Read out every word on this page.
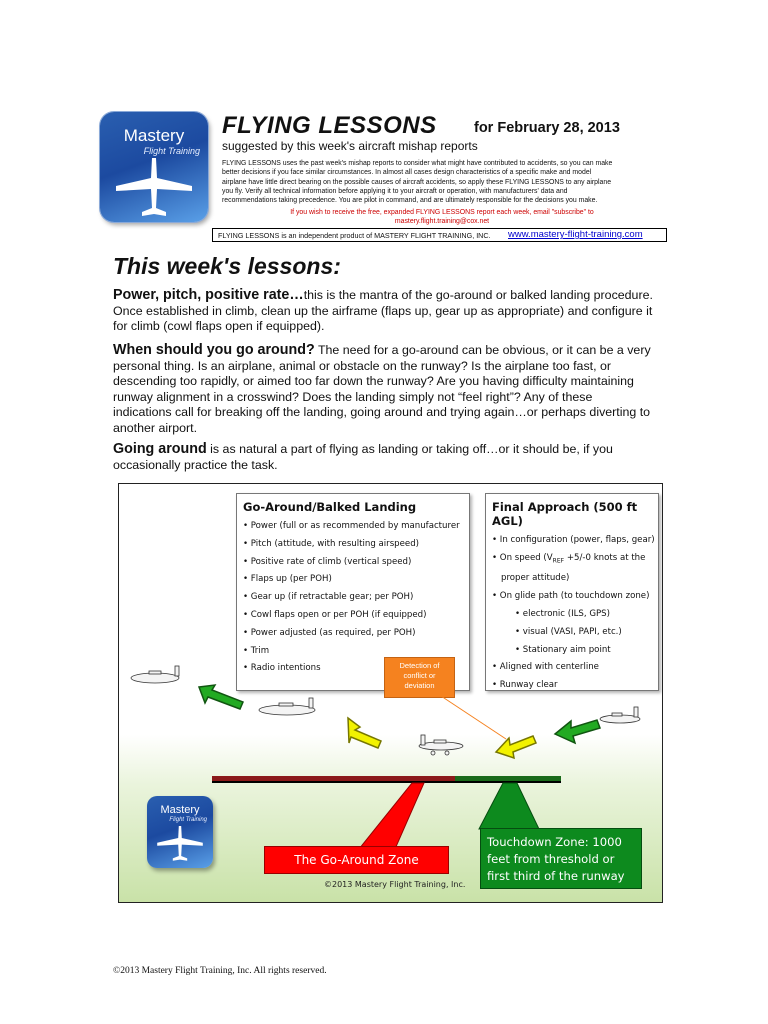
Mastery
Flight Training
FLYING LESSONS	for February 28, 2013
suggested by this week's aircraft mishap reports
FLYING LESSONS uses the past week's mishap reports to consider what might have contributed to accidents, so you can make
better decisions if you face similar circumstances. In almost all cases design characteristics of a specific make and model
airplane have little direct bearing on the possible causes of aircraft accidents, so apply these FLYING LESSONS to any airplane
you fly. Verify all technical information before applying it to your aircraft or operation, with manufacturers' data and
recommendations taking precedence. You are pilot in command, and are ultimately responsible for the decisions you make.
If you wish to receive the free, expanded FLYING LESSONS report each week, email "subscribe" to
mastery.flight.training@cox.net
FLYING LESSONS is an independent product of MASTERY FLIGHT TRAINING, INC. www.mastery-flight-training.com
This week's lessons:
Power, pitch, positive rate…this is the mantra of the go-around or balked landing procedure. Once established in climb, clean up the airframe (flaps up, gear up as appropriate) and configure it for climb (cowl flaps open if equipped).
When should you go around? The need for a go-around can be obvious, or it can be a very personal thing. Is an airplane, animal or obstacle on the runway? Is the airplane too fast, or descending too rapidly, or aimed too far down the runway? Are you having difficulty maintaining runway alignment in a crosswind? Does the landing simply not “feel right”? Any of these indications call for breaking off the landing, going around and trying again…or perhaps diverting to another airport.
Going around is as natural a part of flying as landing or taking off…or it should be, if you occasionally practice the task.
Go-Around/Balked Landing
• Power (full or as recommended by manufacturer
• Pitch (attitude, with resulting airspeed)
• Positive rate of climb (vertical speed)
• Flaps up (per POH)
• Gear up (if retractable gear; per POH)
• Cowl flaps open or per POH (if equipped)
• Power adjusted (as required, per POH)
• Trim
• Radio intentions
Final Approach (500 ft AGL)
• In configuration (power, flaps, gear)
• On speed ($V_{REF} +5/-0$ knots at the
proper attitude)
• On glide path (to touchdown zone)
• electronic (ILS, GPS)
• visual (VASI, PAPI, etc.)
• Stationary aim point
• Aligned with centerline
• Runway clear
Detection of
conflict or
deviation
Mastery
Flight Training
The Go-Around Zone
Touchdown Zone: 1000 feet from threshold or first third of the runway
©2013 Mastery Flight Training, Inc.
©2013 Mastery Flight Training, Inc. All rights reserved.
